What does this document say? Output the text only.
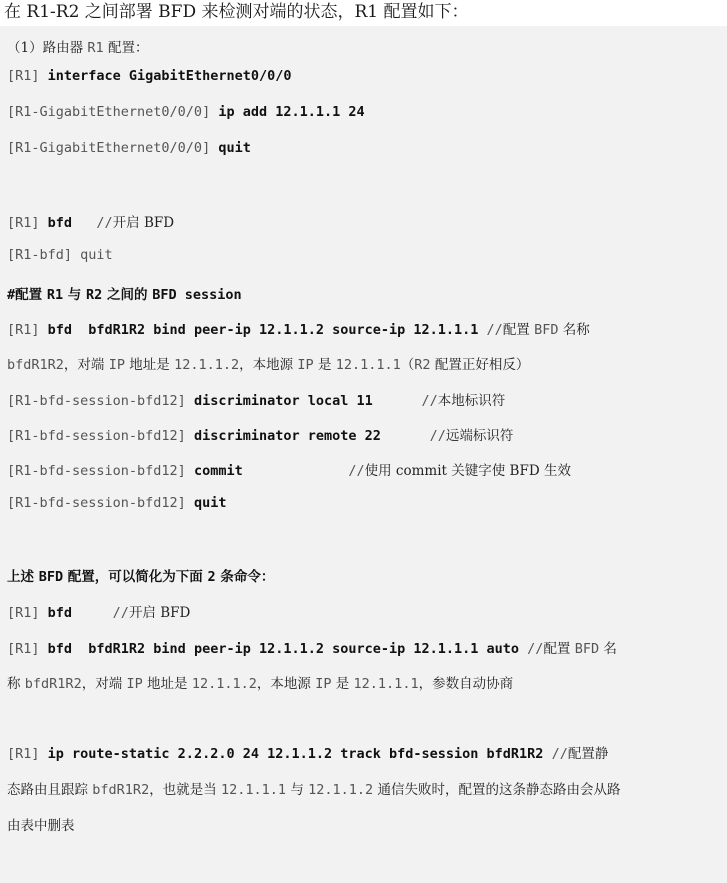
在 R1-R2 之间部署 BFD 来检测对端的状态，R1 配置如下：
（1）路由器 R1 配置：
[R1] interface GigabitEthernet0/0/0
[R1-GigabitEthernet0/0/0] ip add 12.1.1.1 24
[R1-GigabitEthernet0/0/0] quit
[R1] bfd   //开启 BFD
[R1-bfd] quit
#配置 R1 与 R2 之间的 BFD session
[R1] bfd  bfdR1R2 bind peer-ip 12.1.1.2 source-ip 12.1.1.1 //配置 BFD 名称
bfdR1R2，对端 IP 地址是 12.1.1.2，本地源 IP 是 12.1.1.1（R2 配置正好相反）
[R1-bfd-session-bfd12] discriminator local 11      //本地标识符
[R1-bfd-session-bfd12] discriminator remote 22      //远端标识符
[R1-bfd-session-bfd12] commit             //使用 commit 关键字使 BFD 生效
[R1-bfd-session-bfd12] quit
上述 BFD 配置，可以简化为下面 2 条命令：
[R1] bfd     //开启 BFD
[R1] bfd  bfdR1R2 bind peer-ip 12.1.1.2 source-ip 12.1.1.1 auto //配置 BFD 名
称 bfdR1R2，对端 IP 地址是 12.1.1.2，本地源 IP 是 12.1.1.1，参数自动协商
[R1] ip route-static 2.2.2.0 24 12.1.1.2 track bfd-session bfdR1R2 //配置静
态路由且跟踪 bfdR1R2，也就是当 12.1.1.1 与 12.1.1.2 通信失败时，配置的这条静态路由会从路
由表中删表
